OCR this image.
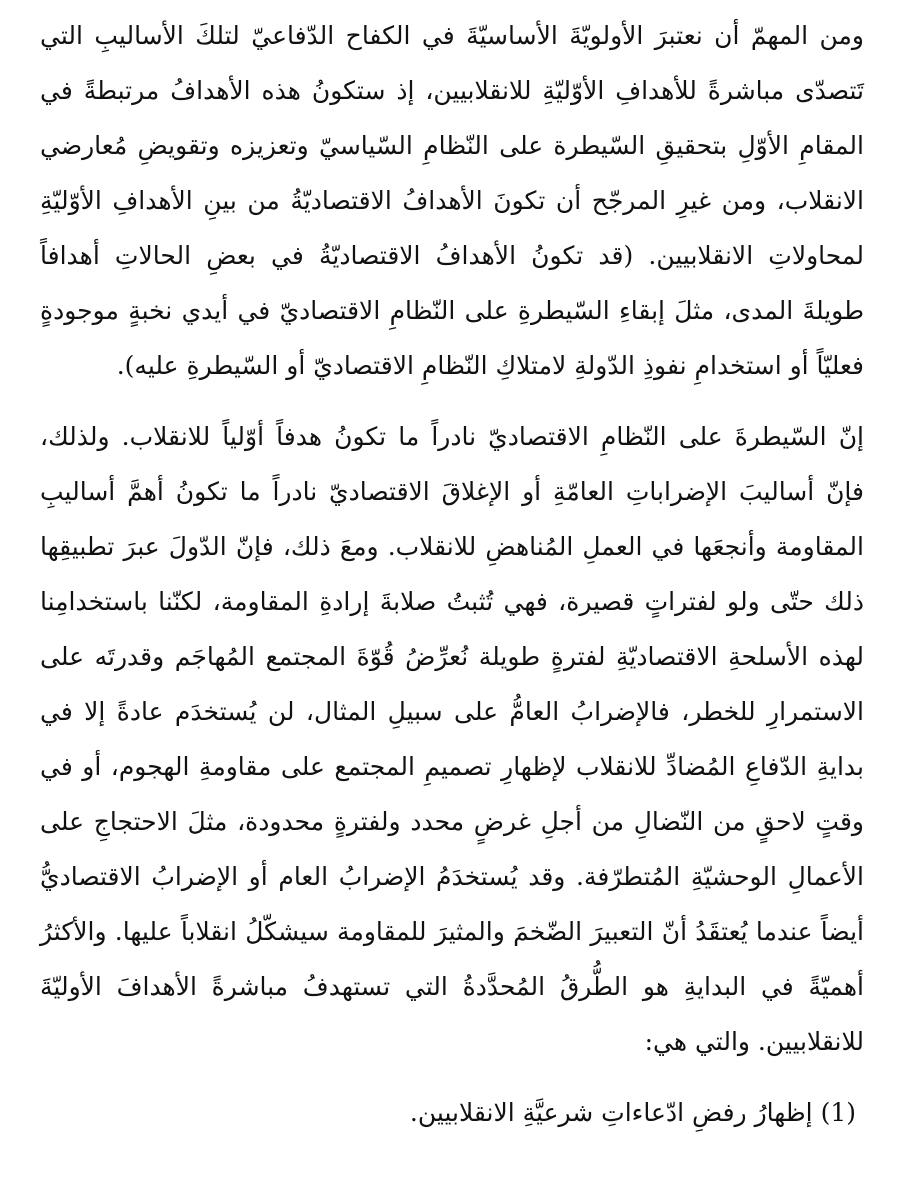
ومن المهمّ أن نعتبرَ الأولويّةَ الأساسيّةَ في الكفاح الدّفاعيّ لتلكَ الأساليبِ التي تَتصدّى مباشرةً للأهدافِ الأوّليّةِ للانقلابيين، إذ ستكونُ هذه الأهدافُ مرتبطةً في المقامِ الأوّلِ بتحقيقِ السّيطرة على النّظامِ السّياسيّ وتعزيزه وتقويضِ مُعارضي الانقلاب، ومن غيرِ المرجّح أن تكونَ الأهدافُ الاقتصاديّةُ من بينِ الأهدافِ الأوّليّةِ لمحاولاتِ الانقلابيين. (قد تكونُ الأهدافُ الاقتصاديّةُ في بعضِ الحالاتِ أهدافاً طويلةَ المدى، مثلَ إبقاءِ السّيطرةِ على النّظامِ الاقتصاديّ في أيدي نخبةٍ موجودةٍ فعليّاً أو استخدامِ نفوذِ الدّولةِ لامتلاكِ النّظامِ الاقتصاديّ أو السّيطرةِ عليه).

إنّ السّيطرةَ على النّظامِ الاقتصاديّ نادراً ما تكونُ هدفاً أوّلياً للانقلاب. ولذلك، فإنّ أساليبَ الإضراباتِ العامّةِ أو الإغلاقَ الاقتصاديّ نادراً ما تكونُ أهمَّ أساليبِ المقاومة وأنجعَها في العملِ المُناهضِ للانقلاب. ومعَ ذلك، فإنّ الدّولَ عبرَ تطبيقِها ذلك حتّى ولو لفتراتٍ قصيرة، فهي تُثبتُ صلابةَ إرادةِ المقاومة، لكنّنا باستخدامِنا لهذه الأسلحةِ الاقتصاديّةِ لفترةٍ طويلة نُعرِّضُ قُوّةَ المجتمع المُهاجَم وقدرتَه على الاستمرارِ للخطر، فالإضرابُ العامُّ على سبيلِ المثال، لن يُستخدَم عادةً إلا في بدايةِ الدّفاعِ المُضادِّ للانقلاب لإظهارِ تصميمِ المجتمع على مقاومةِ الهجوم، أو في وقتٍ لاحقٍ من النّضالِ من أجلِ غرضٍ محدد ولفترةٍ محدودة، مثلَ الاحتجاجِ على الأعمالِ الوحشيّةِ المُتطرّفة. وقد يُستخدَمُ الإضرابُ العام أو الإضرابُ الاقتصاديُّ أيضاً عندما يُعتقَدُ أنّ التعبيرَ الضّخمَ والمثيرَ للمقاومة سيشكّلُ انقلاباً عليها. والأكثرُ أهميّةً في البدايةِ هو الطُّرقُ المُحدَّدةُ التي تستهدفُ مباشرةً الأهدافَ الأوليّةَ للانقلابيين. والتي هي:

(1) إظهارُ رفضِ ادّعاءاتِ شرعيَّةِ الانقلابيين.
